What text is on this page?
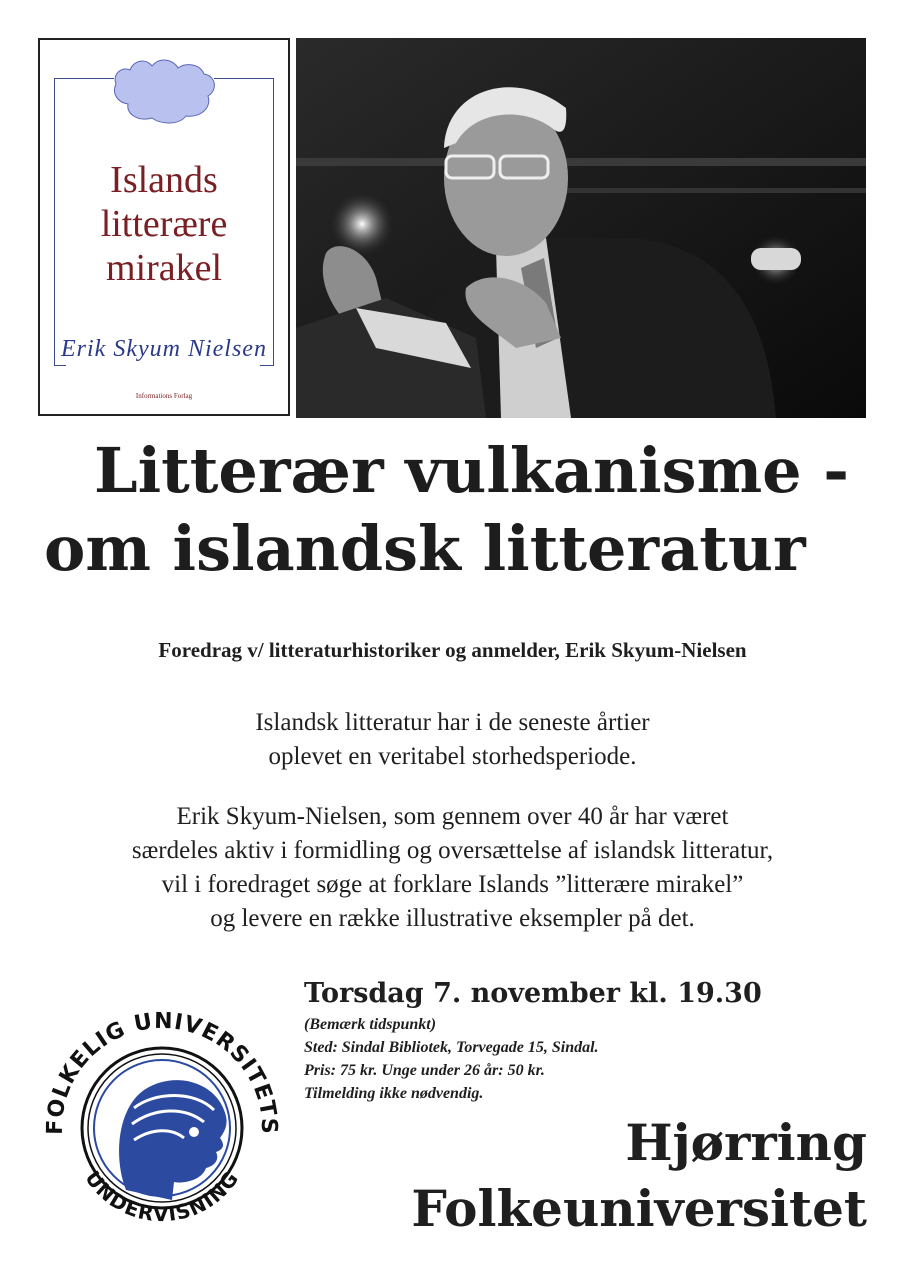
Islands
litterære
mirakel
Erik Skyum Nielsen
Informations Forlag
Litterær vulkanisme -
om islandsk litteratur
Foredrag v/ litteraturhistoriker og anmelder, Erik Skyum-Nielsen
Islandsk litteratur har i de seneste årtier
oplevet en veritabel storhedsperiode.
Erik Skyum-Nielsen, som gennem over 40 år har været
særdeles aktiv i formidling og oversættelse af islandsk litteratur,
vil i foredraget søge at forklare Islands ”litterære mirakel”
og levere en række illustrative eksempler på det.
FOLKELIG UNIVERSITETS
UNDERVISNING
Torsdag 7. november kl. 19.30
(Bemærk tidspunkt)
Sted: Sindal Bibliotek, Torvegade 15, Sindal.
Pris: 75 kr. Unge under 26 år: 50 kr.
Tilmelding ikke nødvendig.
Hjørring
Folkeuniversitet
